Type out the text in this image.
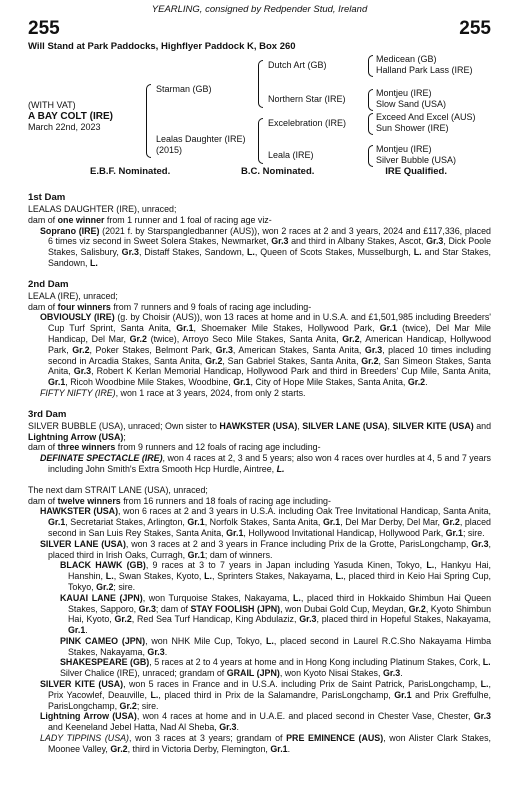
YEARLING, consigned by Redpender Stud, Ireland
255	255
Will Stand at Park Paddocks, Highflyer Paddock K, Box 260
(WITH VAT)
A BAY COLT (IRE)
March 22nd, 2023
Starman (GB)
Lealas Daughter (IRE)
(2015)
Dutch Art (GB)
Northern Star (IRE)
Excelebration (IRE)
Leala (IRE)
Medicean (GB)
Halland Park Lass (IRE)
Montjeu (IRE)
Slow Sand (USA)
Exceed And Excel (AUS)
Sun Shower (IRE)
Montjeu (IRE)
Silver Bubble (USA)
E.B.F. Nominated.	B.C. Nominated.	IRE Qualified.
1st Dam

LEALAS DAUGHTER (IRE), unraced;
dam of one winner from 1 runner and 1 foal of racing age viz-

Soprano (IRE) (2021 f. by Starspangledbanner (AUS)), won 2 races at 2 and 3 years, 2024 and £117,336, placed 6 times viz second in Sweet Solera Stakes, Newmarket, Gr.3 and third in Albany Stakes, Ascot, Gr.3, Dick Poole Stakes, Salisbury, Gr.3, Distaff Stakes, Sandown, L., Queen of Scots Stakes, Musselburgh, L. and Star Stakes, Sandown, L.

2nd Dam

LEALA (IRE), unraced;
dam of four winners from 7 runners and 9 foals of racing age including-

OBVIOUSLY (IRE) (g. by Choisir (AUS)), won 13 races at home and in U.S.A. and £1,501,985 including Breeders' Cup Turf Sprint, Santa Anita, Gr.1, Shoemaker Mile Stakes, Hollywood Park, Gr.1 (twice), Del Mar Mile Handicap, Del Mar, Gr.2 (twice), Arroyo Seco Mile Stakes, Santa Anita, Gr.2, American Handicap, Hollywood Park, Gr.2, Poker Stakes, Belmont Park, Gr.3, American Stakes, Santa Anita, Gr.3, placed 10 times including second in Arcadia Stakes, Santa Anita, Gr.2, San Gabriel Stakes, Santa Anita, Gr.2, San Simeon Stakes, Santa Anita, Gr.3, Robert K Kerlan Memorial Handicap, Hollywood Park and third in Breeders' Cup Mile, Santa Anita, Gr.1, Ricoh Woodbine Mile Stakes, Woodbine, Gr.1, City of Hope Mile Stakes, Santa Anita, Gr.2.

FIFTY NIFTY (IRE), won 1 race at 3 years, 2024, from only 2 starts.

3rd Dam

SILVER BUBBLE (USA), unraced; Own sister to HAWKSTER (USA), SILVER LANE (USA), SILVER KITE (USA) and Lightning Arrow (USA);
dam of three winners from 9 runners and 12 foals of racing age including-

DEFINATE SPECTACLE (IRE), won 4 races at 2, 3 and 5 years; also won 4 races over hurdles at 4, 5 and 7 years including John Smith's Extra Smooth Hcp Hurdle, Aintree, L.

The next dam STRAIT LANE (USA), unraced;
dam of twelve winners from 16 runners and 18 foals of racing age including-

HAWKSTER (USA), won 6 races at 2 and 3 years in U.S.A. including Oak Tree Invitational Handicap, Santa Anita, Gr.1, Secretariat Stakes, Arlington, Gr.1, Norfolk Stakes, Santa Anita, Gr.1, Del Mar Derby, Del Mar, Gr.2, placed second in San Luis Rey Stakes, Santa Anita, Gr.1, Hollywood Invitational Handicap, Hollywood Park, Gr.1; sire.

SILVER LANE (USA), won 3 races at 2 and 3 years in France including Prix de la Grotte, ParisLongchamp, Gr.3, placed third in Irish Oaks, Curragh, Gr.1; dam of winners.

BLACK HAWK (GB), 9 races at 3 to 7 years in Japan including Yasuda Kinen, Tokyo, L., Hankyu Hai, Hanshin, L., Swan Stakes, Kyoto, L., Sprinters Stakes, Nakayama, L., placed third in Keio Hai Spring Cup, Tokyo, Gr.2; sire.

KAUAI LANE (JPN), won Turquoise Stakes, Nakayama, L., placed third in Hokkaido Shimbun Hai Queen Stakes, Sapporo, Gr.3; dam of STAY FOOLISH (JPN), won Dubai Gold Cup, Meydan, Gr.2, Kyoto Shimbun Hai, Kyoto, Gr.2, Red Sea Turf Handicap, King Abdulaziz, Gr.3, placed third in Hopeful Stakes, Nakayama, Gr.1.

PINK CAMEO (JPN), won NHK Mile Cup, Tokyo, L., placed second in Laurel R.C.Sho Nakayama Himba Stakes, Nakayama, Gr.3.

SHAKESPEARE (GB), 5 races at 2 to 4 years at home and in Hong Kong including Platinum Stakes, Cork, L.

Silver Chalice (IRE), unraced; grandam of GRAIL (JPN), won Kyoto Nisai Stakes, Gr.3.

SILVER KITE (USA), won 5 races in France and in U.S.A. including Prix de Saint Patrick, ParisLongchamp, L., Prix Yacowlef, Deauville, L., placed third in Prix de la Salamandre, ParisLongchamp, Gr.1 and Prix Greffulhe, ParisLongchamp, Gr.2; sire.

Lightning Arrow (USA), won 4 races at home and in U.A.E. and placed second in Chester Vase, Chester, Gr.3 and Keeneland Jebel Hatta, Nad Al Sheba, Gr.3.

LADY TIPPINS (USA), won 3 races at 3 years; grandam of PRE EMINENCE (AUS), won Alister Clark Stakes, Moonee Valley, Gr.2, third in Victoria Derby, Flemington, Gr.1.
